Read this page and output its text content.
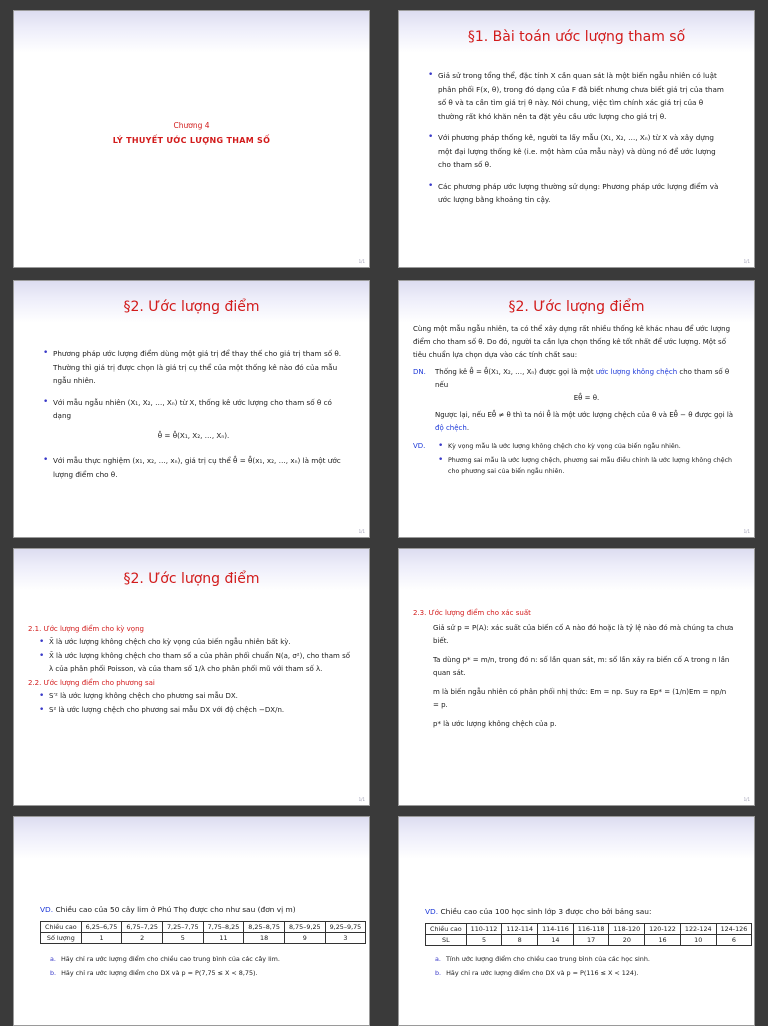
Chương 4
LÝ THUYẾT ƯỚC LƯỢNG THAM SỐ
1/1
§1. Bài toán ước lượng tham số
• Giả sử trong tổng thể, đặc tính X cần quan sát là một biến ngẫu nhiên có luật phân phối F(x, θ), trong đó dạng của F đã biết nhưng chưa biết giá trị của tham số θ và ta cần tìm giá trị θ này. Nói chung, việc tìm chính xác giá trị của θ thường rất khó khăn nên ta đặt yêu cầu ước lượng cho giá trị θ.
• Với phương pháp thống kê, người ta lấy mẫu (X₁, X₂, …, Xₙ) từ X và xây dựng một đại lượng thống kê (i.e. một hàm của mẫu này) và dùng nó để ước lượng cho tham số θ.
• Các phương pháp ước lượng thường sử dụng: Phương pháp ước lượng điểm và ước lượng bằng khoảng tin cậy.
1/1
§2. Ước lượng điểm
• Phương pháp ước lượng điểm dùng một giá trị để thay thế cho giá trị tham số θ. Thường thì giá trị được chọn là giá trị cụ thể của một thống kê nào đó của mẫu ngẫu nhiên.
• Với mẫu ngẫu nhiên (X₁, X₂, …, Xₙ) từ X, thống kê ước lượng cho tham số θ có dạng
θ̂ = θ̂(X₁, X₂, …, Xₙ).
• Với mẫu thực nghiệm (x₁, x₂, …, xₙ), giá trị cụ thể θ̂ = θ̂(x₁, x₂, …, xₙ) là một ước lượng điểm cho θ.
1/1
§2. Ước lượng điểm
Cùng một mẫu ngẫu nhiên, ta có thể xây dựng rất nhiều thống kê khác nhau để ước lượng điểm cho tham số θ. Do đó, người ta cần lựa chọn thống kê tốt nhất để ước lượng. Một số tiêu chuẩn lựa chọn dựa vào các tính chất sau:
DN.	Thống kê θ̂ = θ̂(X₁, X₂, …, Xₙ) được gọi là một ước lượng không chệch cho tham số θ nếu
Eθ̂ = θ.
Ngược lại, nếu Eθ̂ ≠ θ thì ta nói θ̂ là một ước lượng chệch của θ và Eθ̂ − θ được gọi là độ chệch.
VD.	• Kỳ vọng mẫu là ước lượng không chệch cho kỳ vọng của biến ngẫu nhiên.
• Phương sai mẫu là ước lượng chệch, phương sai mẫu điều chỉnh là ước lượng không chệch cho phương sai của biến ngẫu nhiên.
1/1
§2. Ước lượng điểm
2.1. Ước lượng điểm cho kỳ vọng
• X̄ là ước lượng không chệch cho kỳ vọng của biến ngẫu nhiên bất kỳ.
• X̄ là ước lượng không chệch cho tham số a của phân phối chuẩn N(a, σ²), cho tham số λ của phân phối Poisson, và của tham số 1/λ cho phân phối mũ với tham số λ.
2.2. Ước lượng điểm cho phương sai
• S′² là ước lượng không chệch cho phương sai mẫu DX.
• S² là ước lượng chệch cho phương sai mẫu DX với độ chệch −DX/n.
1/1
2.3. Ước lượng điểm cho xác suất
Giả sử p = P(A): xác suất của biến cố A nào đó hoặc là tỷ lệ nào đó mà chúng ta chưa biết.
Ta dùng p* = m/n, trong đó n: số lần quan sát, m: số lần xảy ra biến cố A trong n lần quan sát.
m là biến ngẫu nhiên có phân phối nhị thức: Em = np. Suy ra Ep* = (1/n)Em = np/n = p.
p* là ước lượng không chệch của p.
1/1
VD. Chiều cao của 50 cây lim ở Phú Thọ được cho như sau (đơn vị m)
Chiều cao	6,25–6,75	6,75–7,25	7,25–7,75	7,75–8,25	8,25–8,75	8,75–9,25	9,25–9,75
Số lượng	1	2	5	11	18	9	3
a. Hãy chỉ ra ước lượng điểm cho chiều cao trung bình của các cây lim.
b. Hãy chỉ ra ước lượng điểm cho DX và p = P(7,75 ≤ X < 8,75).
VD. Chiều cao của 100 học sinh lớp 3 được cho bởi bảng sau:
Chiều cao	110-112	112-114	114-116	116-118	118-120	120-122	122-124	124-126
SL	5	8	14	17	20	16	10	6
a. Tính ước lượng điểm cho chiều cao trung bình của các học sinh.
b. Hãy chỉ ra ước lượng điểm cho DX và p = P(116 ≤ X < 124).
